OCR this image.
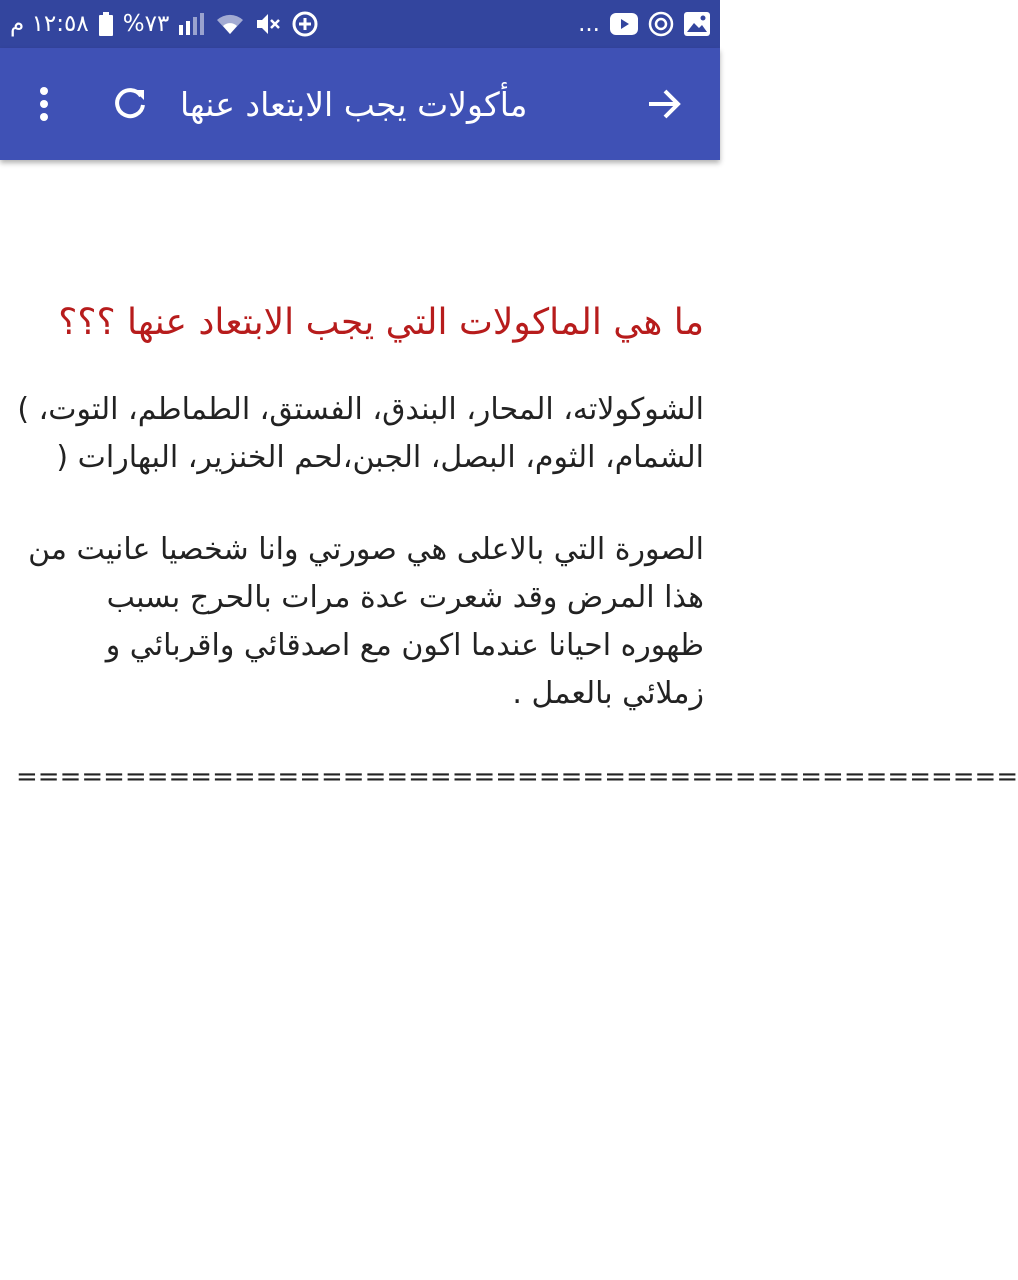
١٢:٥٨ م %٧٣	...
مأكولات يجب الابتعاد عنها
ما هي الماكولات التي يجب الابتعاد عنها ؟؟؟

الشوكولاته، المحار، البندق، الفستق، الطماطم، التوت، ) الشمام، الثوم، البصل، الجبن،لحم الخنزير، البهارات (

الصورة التي بالاعلى هي صورتي وانا شخصيا عانيت من هذا المرض وقد شعرت عدة مرات بالحرج بسبب ظهوره احيانا عندما اكون مع اصدقائي واقربائي و زملائي بالعمل .

==============================================
